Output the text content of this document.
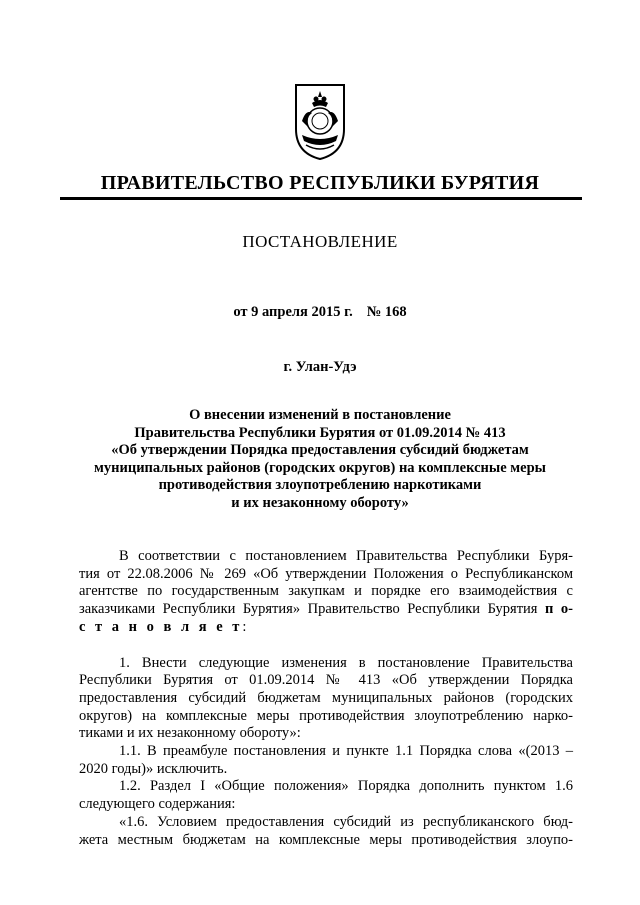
ПРАВИТЕЛЬСТВО РЕСПУБЛИКИ БУРЯТИЯ
ПОСТАНОВЛЕНИЕ
от 9 апреля 2015 г. № 168
г. Улан-Удэ
О внесении изменений в постановление
Правительства Республики Бурятия от 01.09.2014 № 413
«Об утверждении Порядка предоставления субсидий бюджетам
муниципальных районов (городских округов) на комплексные меры
противодействия злоупотреблению наркотиками
и их незаконному обороту»
В соответствии с постановлением Правительства Республики Буря-
тия от 22.08.2006 № 269 «Об утверждении Положения о Республиканском
агентстве по государственным закупкам и порядке его взаимодействия с
заказчиками Республики Бурятия» Правительство Республики Бурятия п о-
с т а н о в л я е т:
1. Внести следующие изменения в постановление Правительства
Республики Бурятия от 01.09.2014 № 413 «Об утверждении Порядка
предоставления субсидий бюджетам муниципальных районов (городских
округов) на комплексные меры противодействия злоупотреблению нарко-
тиками и их незаконному обороту»:
1.1. В преамбуле постановления и пункте 1.1 Порядка слова «(2013 –
2020 годы)» исключить.
1.2. Раздел I «Общие положения» Порядка дополнить пунктом 1.6
следующего содержания:
«1.6. Условием предоставления субсидий из республиканского бюд-
жета местным бюджетам на комплексные меры противодействия злоупо-
